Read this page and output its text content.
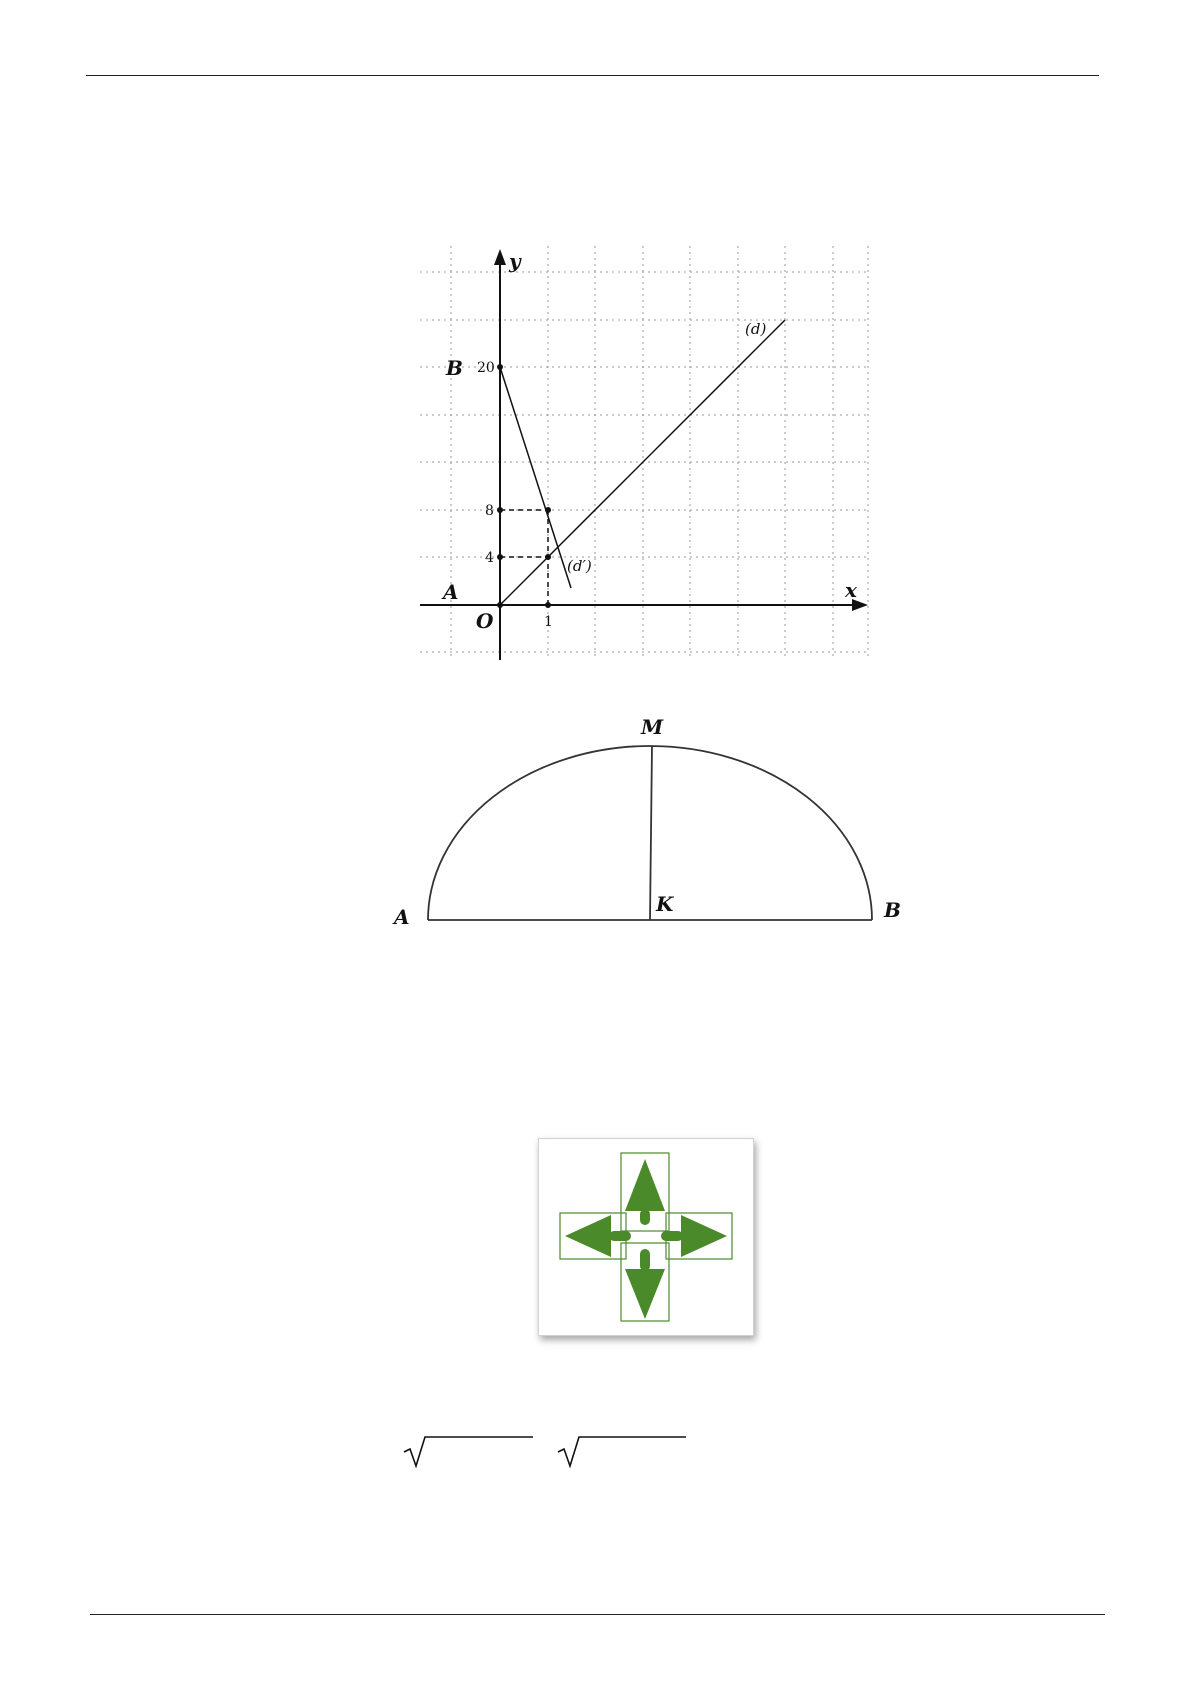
y
x
B
A
O
20
8
4
1
(d)
(d′)
M
K
A	B
